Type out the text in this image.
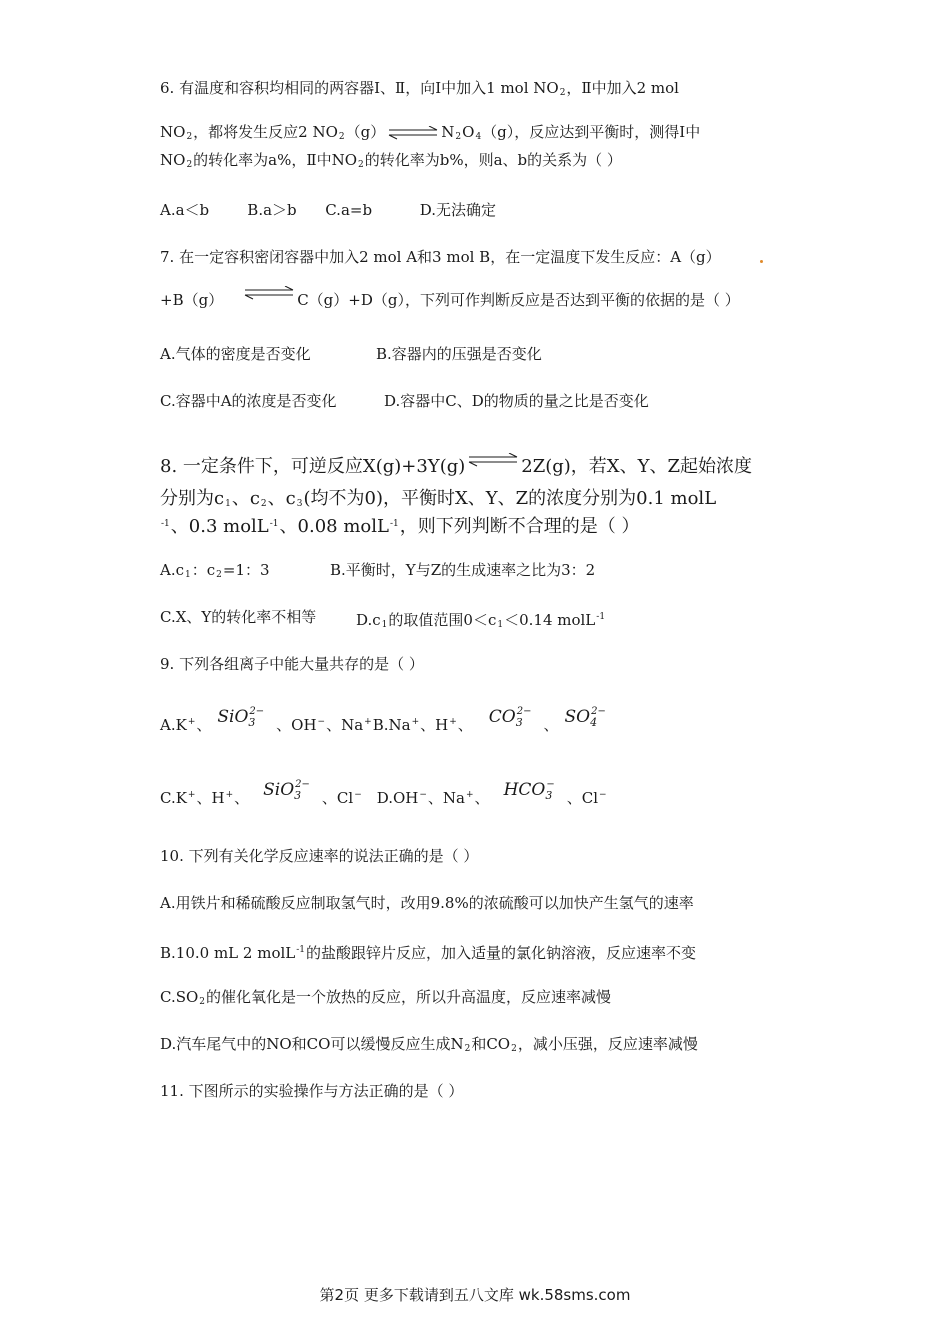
6. 有温度和容积均相同的两容器Ⅰ、Ⅱ，向Ⅰ中加入1 mol $NO_2$，Ⅱ中加入2 mol
$NO_2$，都将发生反应2 $NO_2(g)$	$N_2O_4(g)$，反应达到平衡时，测得Ⅰ中
$NO_2$的转化率为a%，Ⅱ中$NO_2$的转化率为b%，则a、b的关系为（ ）
A.a＜b        B.a＞b      C.a=b          D.无法确定
7. 在一定容积密闭容器中加入2 mol A和3 mol B，在一定温度下发生反应：A（g）
+B（g）	C（g）+D（g），下列可作判断反应是否达到平衡的依据的是（ ）
A.气体的密度是否变化	B.容器内的压强是否变化
C.容器中A的浓度是否变化	D.容器中C、D的物质的量之比是否变化
8. 一定条件下，可逆反应X(g)+3Y(g)	2Z(g)，若X、Y、Z起始浓度
分别为$c_1$、$c_2$、$c_3$(均不为0)，平衡时X、Y、Z的浓度分别为0.1 molL
$^{-1}$、0.3 molL$^{-1}$、0.08 molL$^{-1}$，则下列判断不合理的是（ ）
$A.c_1$：$c_2=1$：3	B.平衡时，Y与Z的生成速率之比为3：2
C.X、Y的转化率不相等	$D.c_1$的取值范围$0<c_1<0.14$ molL$^{-1}$
9. 下列各组离子中能大量共存的是（ ）
A.K+、 SiO$_3^{2-}$、OH−、Na+B.Na+、H+、 $CO_3^{2-}$、 $SO_4^{2-}$
C.K+、H+、 SiO$_3^{2-}$、Cl− D.OH−、Na+、 $HCO_3^-$、Cl−
10. 下列有关化学反应速率的说法正确的是（ ）
A.用铁片和稀硫酸反应制取氢气时，改用9.8%的浓硫酸可以加快产生氢气的速率
B.10.0 mL 2 molL$^{-1}$的盐酸跟锌片反应，加入适量的氯化钠溶液，反应速率不变
$C.SO_2$的催化氧化是一个放热的反应，所以升高温度，反应速率减慢
D.汽车尾气中的NO和CO可以缓慢反应生成$N_2$和$CO_2$，减小压强，反应速率减慢
11. 下图所示的实验操作与方法正确的是（ ）
第2页 更多下载请到五八文库 wk.58sms.com
